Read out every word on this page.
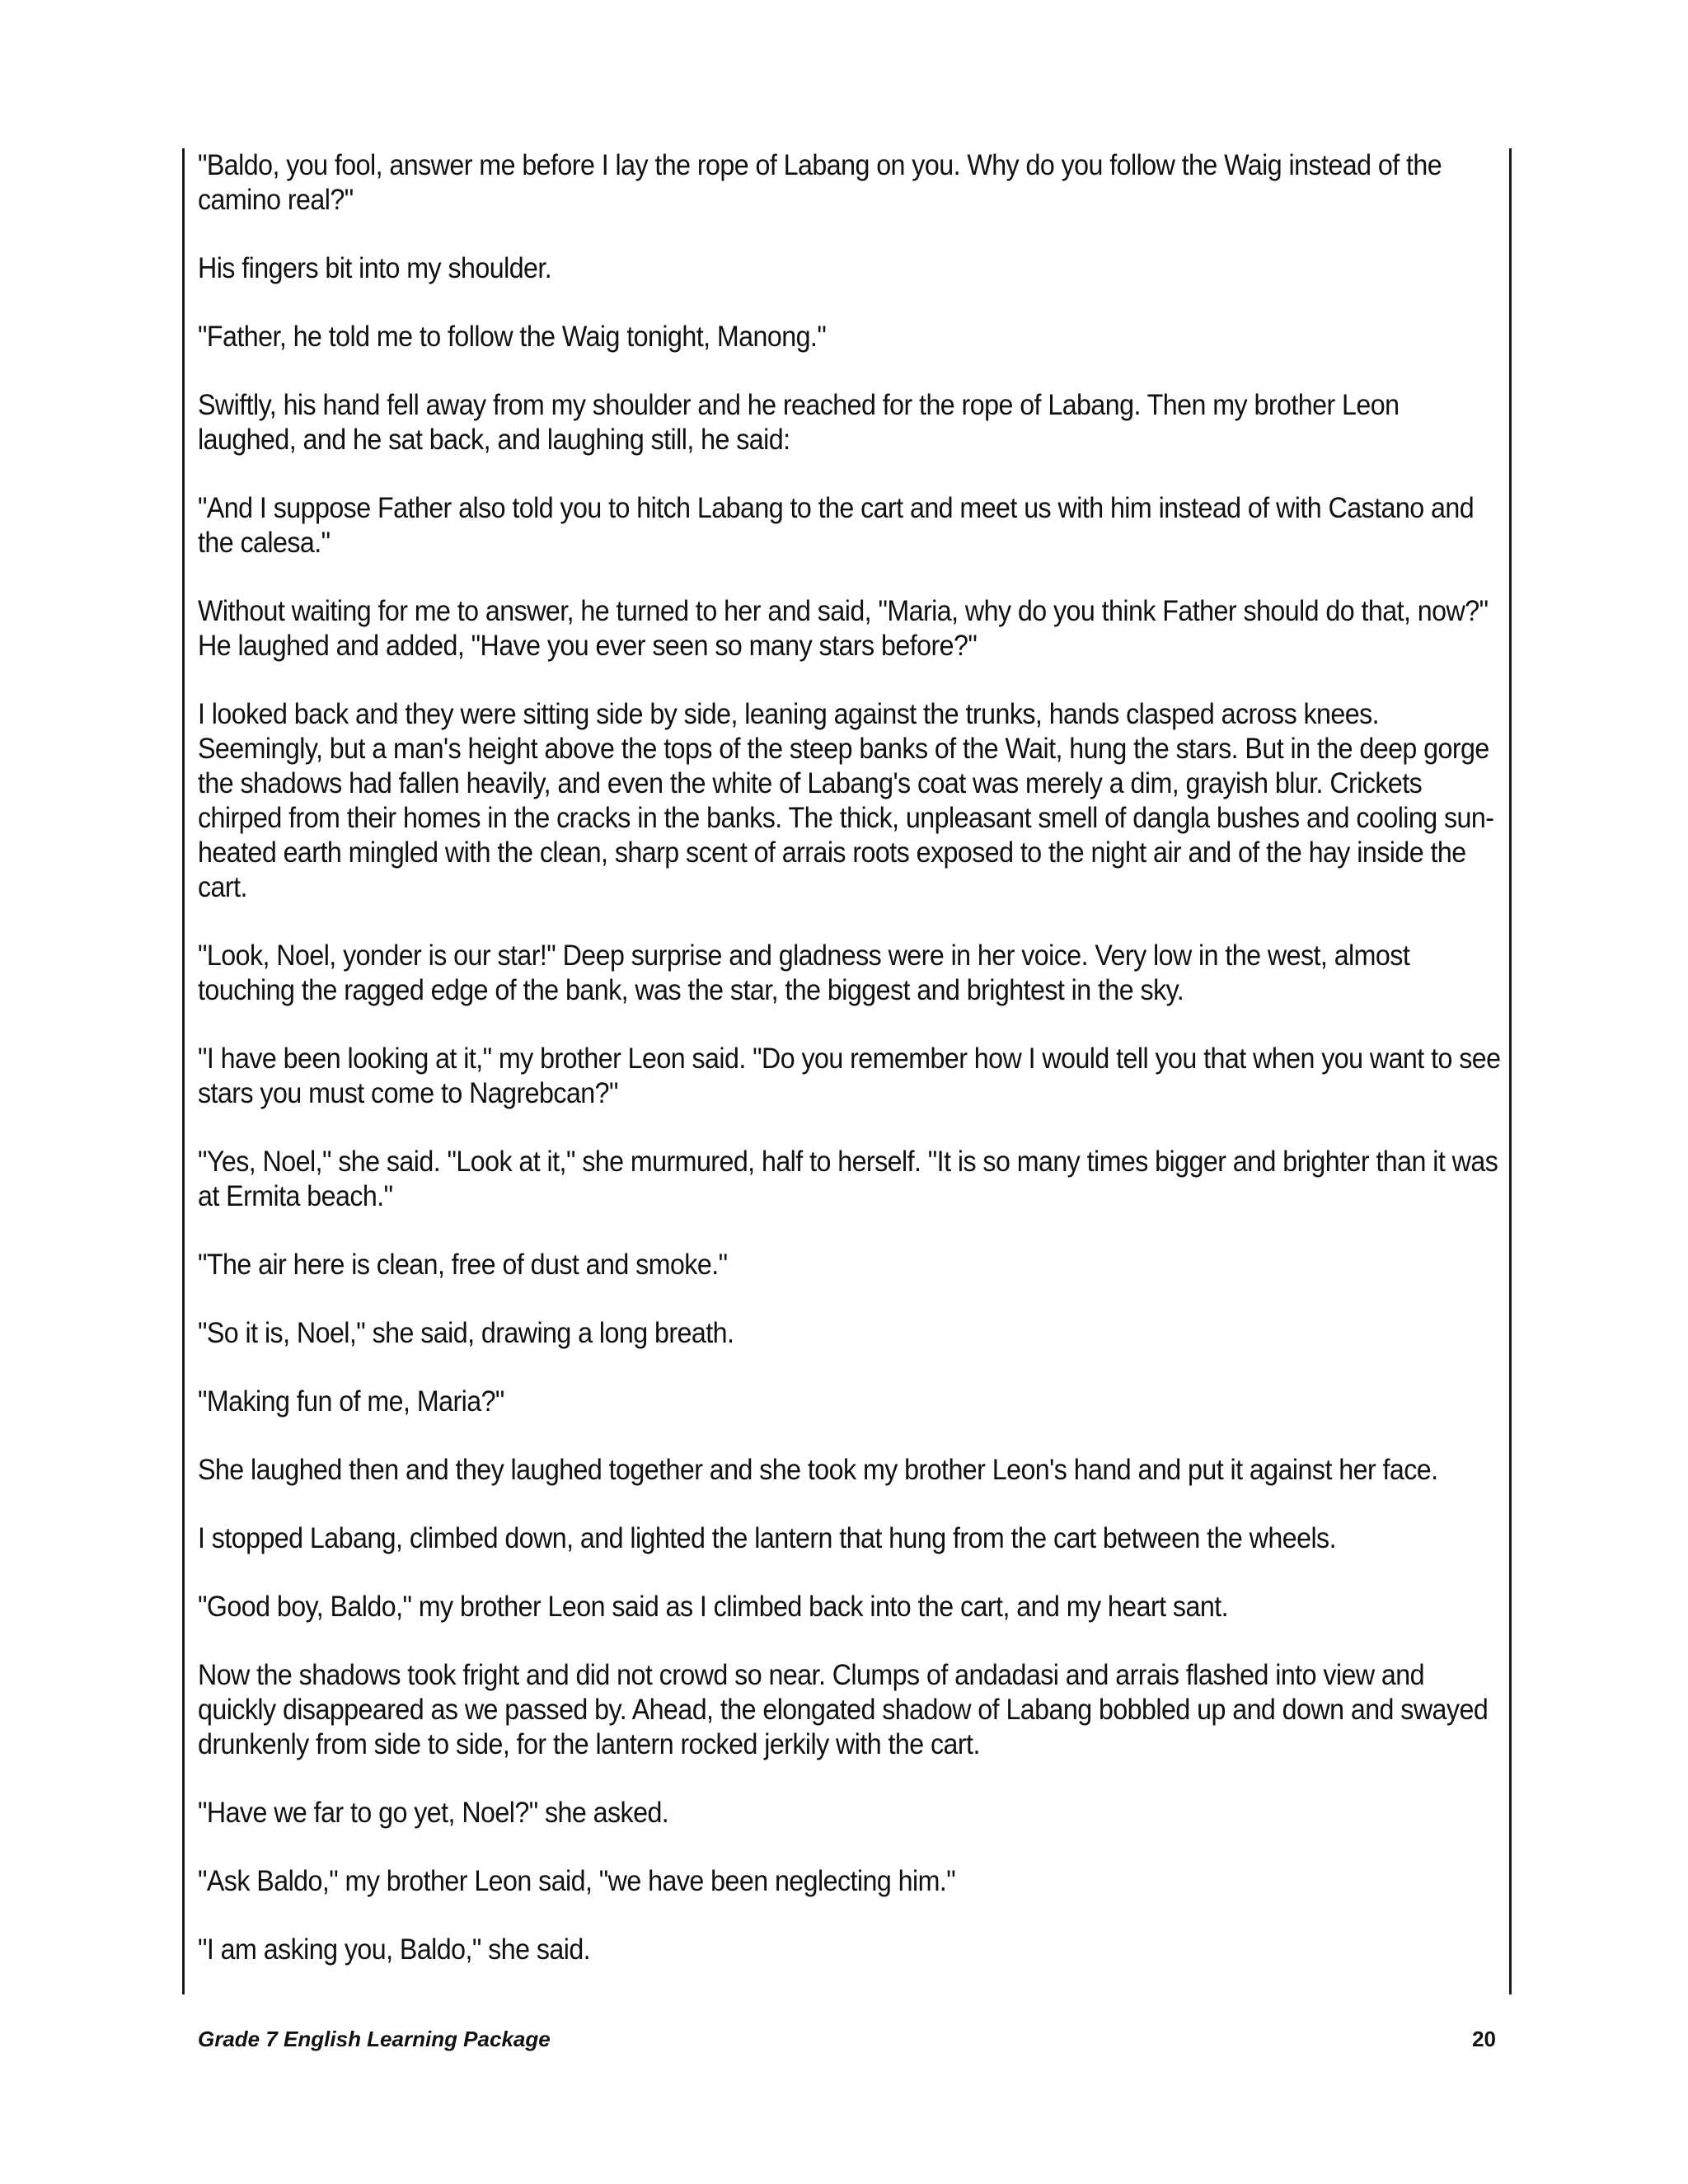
"Baldo, you fool, answer me before I lay the rope of Labang on you. Why do you follow the Waig instead of the camino real?"

His fingers bit into my shoulder.

"Father, he told me to follow the Waig tonight, Manong."

Swiftly, his hand fell away from my shoulder and he reached for the rope of Labang. Then my brother Leon laughed, and he sat back, and laughing still, he said:

"And I suppose Father also told you to hitch Labang to the cart and meet us with him instead of with Castano and the calesa."

Without waiting for me to answer, he turned to her and said, "Maria, why do you think Father should do that, now?" He laughed and added, "Have you ever seen so many stars before?"

I looked back and they were sitting side by side, leaning against the trunks, hands clasped across knees. Seemingly, but a man's height above the tops of the steep banks of the Wait, hung the stars. But in the deep gorge the shadows had fallen heavily, and even the white of Labang's coat was merely a dim, grayish blur. Crickets chirped from their homes in the cracks in the banks. The thick, unpleasant smell of dangla bushes and cooling sun-heated earth mingled with the clean, sharp scent of arrais roots exposed to the night air and of the hay inside the cart.

"Look, Noel, yonder is our star!" Deep surprise and gladness were in her voice. Very low in the west, almost touching the ragged edge of the bank, was the star, the biggest and brightest in the sky.

"I have been looking at it," my brother Leon said. "Do you remember how I would tell you that when you want to see stars you must come to Nagrebcan?"

"Yes, Noel," she said. "Look at it," she murmured, half to herself. "It is so many times bigger and brighter than it was at Ermita beach."

"The air here is clean, free of dust and smoke."

"So it is, Noel," she said, drawing a long breath.

"Making fun of me, Maria?"

She laughed then and they laughed together and she took my brother Leon's hand and put it against her face.

I stopped Labang, climbed down, and lighted the lantern that hung from the cart between the wheels.

"Good boy, Baldo," my brother Leon said as I climbed back into the cart, and my heart sant.

Now the shadows took fright and did not crowd so near. Clumps of andadasi and arrais flashed into view and quickly disappeared as we passed by. Ahead, the elongated shadow of Labang bobbled up and down and swayed drunkenly from side to side, for the lantern rocked jerkily with the cart.

"Have we far to go yet, Noel?" she asked.

"Ask Baldo," my brother Leon said, "we have been neglecting him."

"I am asking you, Baldo," she said.

Grade 7 English Learning Package	20
